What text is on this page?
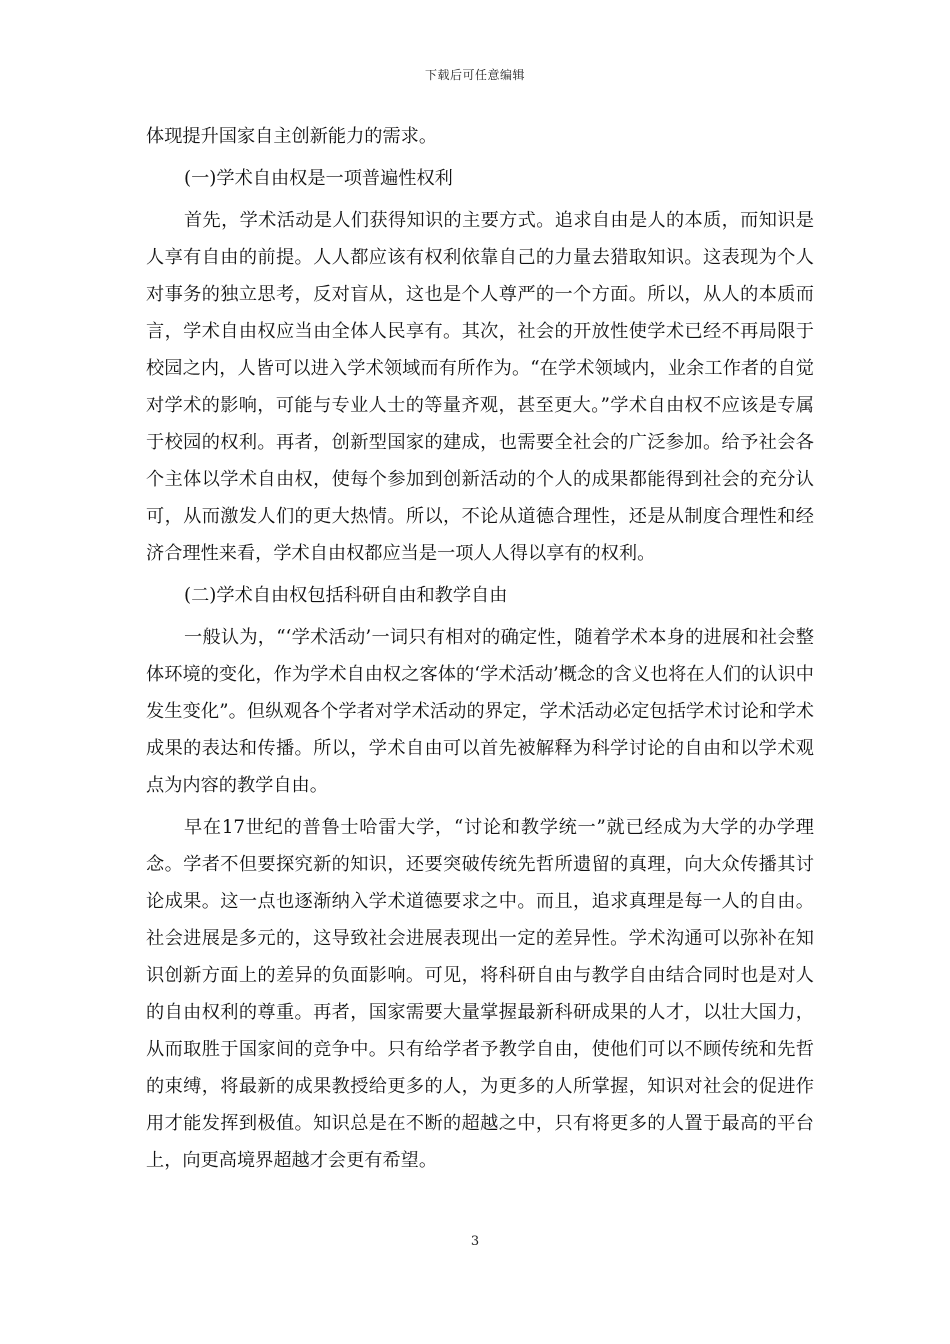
下载后可任意编辑

体现提升国家自主创新能力的需求。

(一)学术自由权是一项普遍性权利

首先，学术活动是人们获得知识的主要方式。追求自由是人的本质，而知识是人享有自由的前提。人人都应该有权利依靠自己的力量去猎取知识。这表现为个人对事务的独立思考，反对盲从，这也是个人尊严的一个方面。所以，从人的本质而言，学术自由权应当由全体人民享有。其次，社会的开放性使学术已经不再局限于校园之内，人皆可以进入学术领域而有所作为。“在学术领域内，业余工作者的自觉对学术的影响，可能与专业人士的等量齐观，甚至更大。”学术自由权不应该是专属于校园的权利。再者，创新型国家的建成，也需要全社会的广泛参加。给予社会各个主体以学术自由权，使每个参加到创新活动的个人的成果都能得到社会的充分认可，从而激发人们的更大热情。所以，不论从道德合理性，还是从制度合理性和经济合理性来看，学术自由权都应当是一项人人得以享有的权利。

(二)学术自由权包括科研自由和教学自由

一般认为，“‘学术活动’一词只有相对的确定性，随着学术本身的进展和社会整体环境的变化，作为学术自由权之客体的‘学术活动’概念的含义也将在人们的认识中发生变化”。但纵观各个学者对学术活动的界定，学术活动必定包括学术讨论和学术成果的表达和传播。所以，学术自由可以首先被解释为科学讨论的自由和以学术观点为内容的教学自由。

早在17世纪的普鲁士哈雷大学，“讨论和教学统一”就已经成为大学的办学理念。学者不但要探究新的知识，还要突破传统先哲所遗留的真理，向大众传播其讨论成果。这一点也逐渐纳入学术道德要求之中。而且，追求真理是每一人的自由。社会进展是多元的，这导致社会进展表现出一定的差异性。学术沟通可以弥补在知识创新方面上的差异的负面影响。可见，将科研自由与教学自由结合同时也是对人的自由权利的尊重。再者，国家需要大量掌握最新科研成果的人才，以壮大国力，从而取胜于国家间的竞争中。只有给学者予教学自由，使他们可以不顾传统和先哲的束缚，将最新的成果教授给更多的人，为更多的人所掌握，知识对社会的促进作用才能发挥到极值。知识总是在不断的超越之中，只有将更多的人置于最高的平台上，向更高境界超越才会更有希望。

3
